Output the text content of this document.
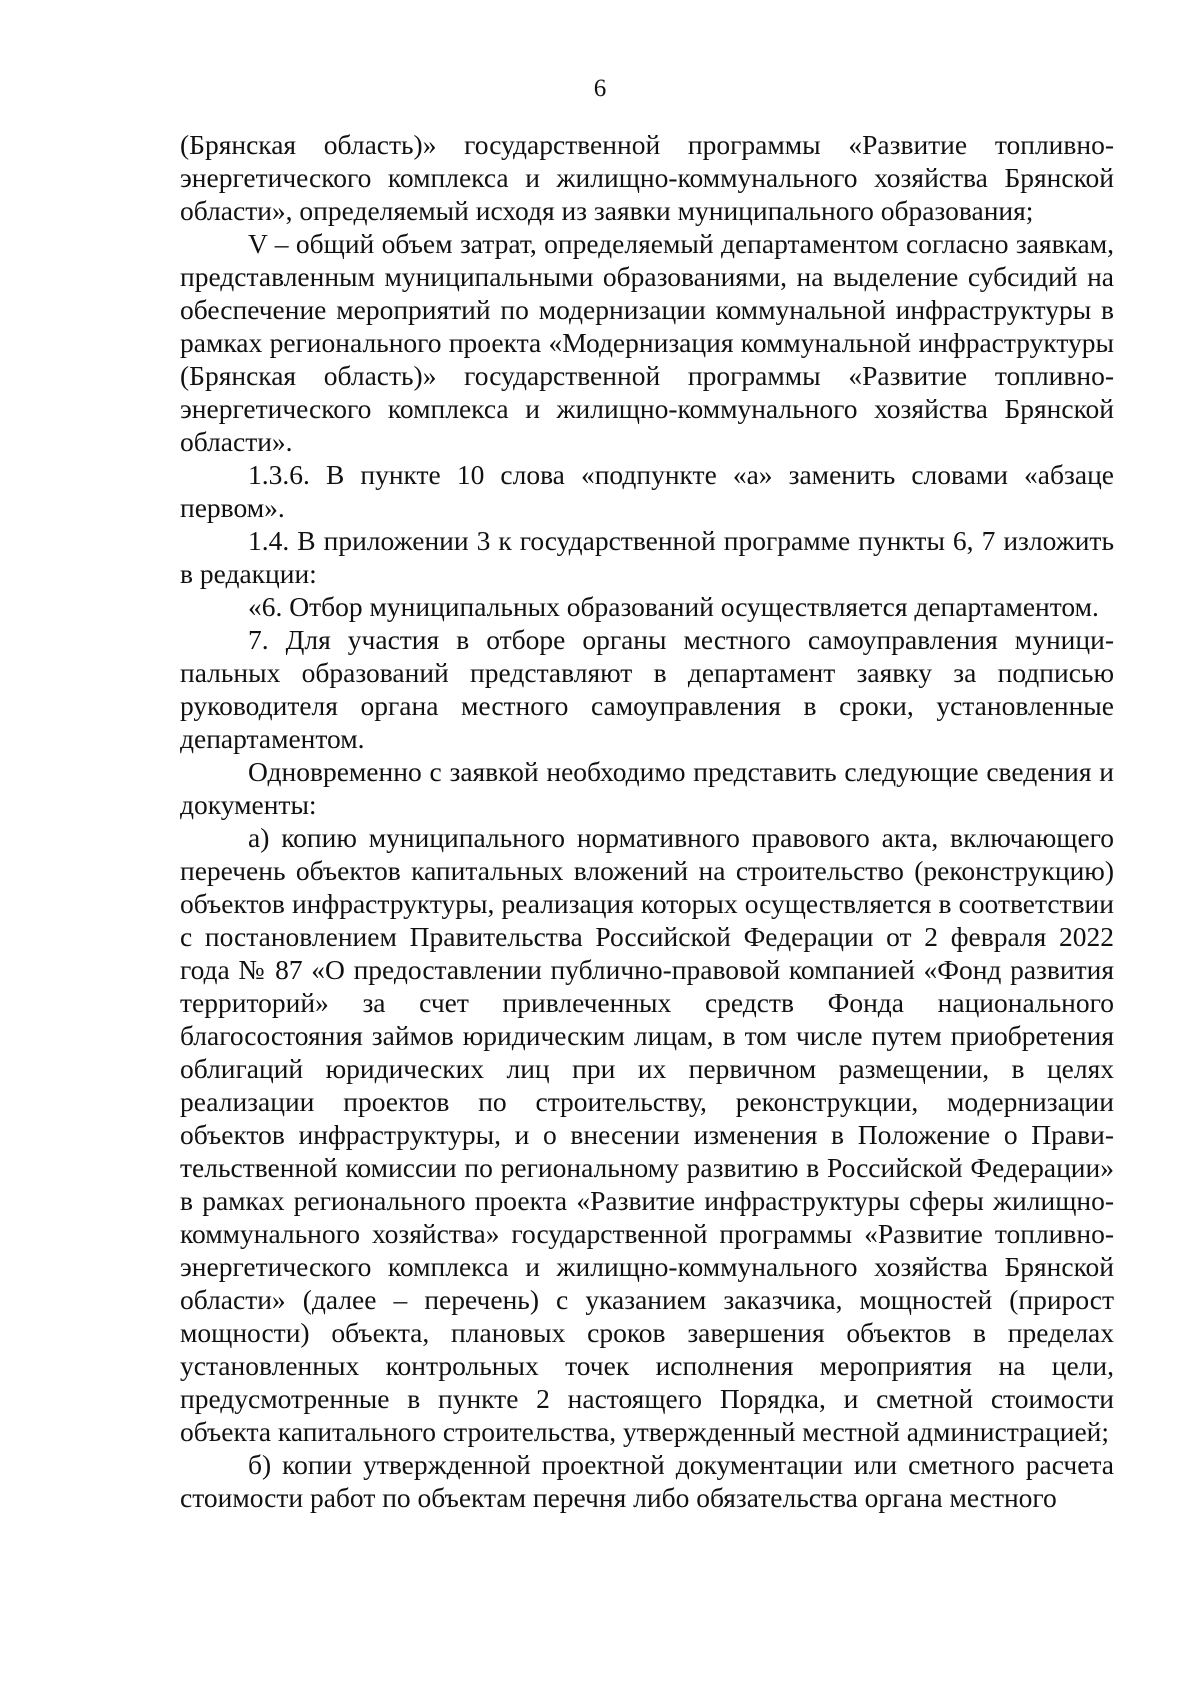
6

(Брянская область)» государственной программы «Развитие топливно-энергетического комплекса и жилищно-коммунального хозяйства Брянской области», определяемый исходя из заявки муниципального образования;

V – общий объем затрат, определяемый департаментом согласно заявкам, представленным муниципальными образованиями, на выделение субсидий на обеспечение мероприятий по модернизации коммунальной инфраструктуры в рамках регионального проекта «Модернизация коммунальной инфраструктуры (Брянская область)» государственной программы «Развитие топливно-энергетического комплекса и жилищно-коммунального хозяйства Брянской области».

1.3.6. В пункте 10 слова «подпункте «а» заменить словами «абзаце первом».

1.4. В приложении 3 к государственной программе пункты 6, 7 изложить в редакции:

«6. Отбор муниципальных образований осуществляется департаментом.

7. Для участия в отборе органы местного самоуправления муниципальных образований представляют в департамент заявку за подписью руководителя органа местного самоуправления в сроки, установленные департаментом.

Одновременно с заявкой необходимо представить следующие сведения и документы:

а) копию муниципального нормативного правового акта, включающего перечень объектов капитальных вложений на строительство (реконструкцию) объектов инфраструктуры, реализация которых осуществляется в соответствии с постановлением Правительства Российской Федерации от 2 февраля 2022 года № 87 «О предоставлении публично-правовой компанией «Фонд развития территорий» за счет привлеченных средств Фонда национального благосостояния займов юридическим лицам, в том числе путем приобретения облигаций юридических лиц при их первичном размещении, в целях реализации проектов по строительству, реконструкции, модернизации объектов инфраструктуры, и о внесении изменения в Положение о Правительственной комиссии по региональному развитию в Российской Федерации» в рамках регионального проекта «Развитие инфраструктуры сферы жилищно-коммунального хозяйства» государственной программы «Развитие топливно-энергетического комплекса и жилищно-коммунального хозяйства Брянской области» (далее – перечень) с указанием заказчика, мощностей (прирост мощности) объекта, плановых сроков завершения объектов в пределах установленных контрольных точек исполнения мероприятия на цели, предусмотренные в пункте 2 настоящего Порядка, и сметной стоимости объекта капитального строительства, утвержденный местной администрацией;

б) копии утвержденной проектной документации или сметного расчета стоимости работ по объектам перечня либо обязательства органа местного
